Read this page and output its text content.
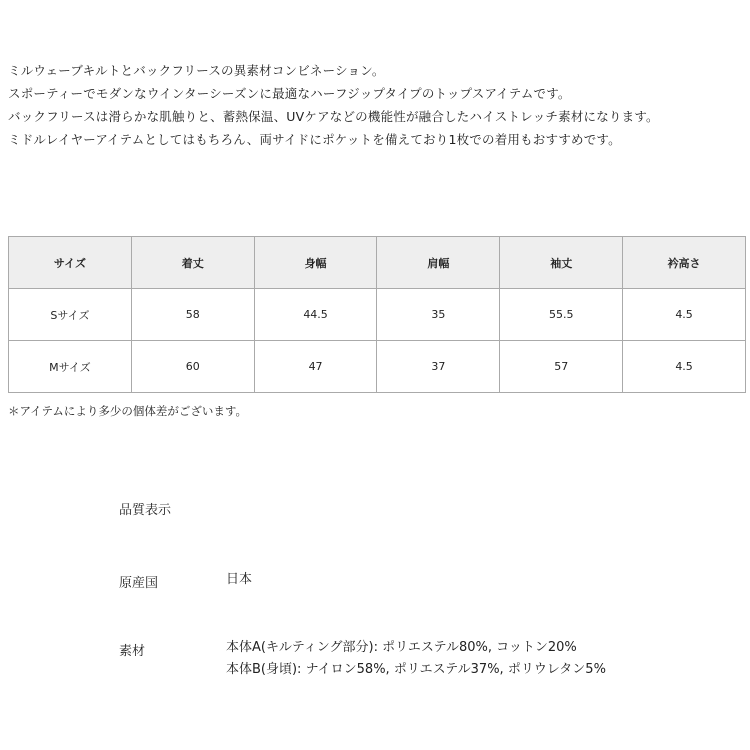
ミルウェーブキルトとバックフリースの異素材コンビネーション。
スポーティーでモダンなウインターシーズンに最適なハーフジップタイプのトップスアイテムです。
バックフリースは滑らかな肌触りと、蓄熱保温、UVケアなどの機能性が融合したハイストレッチ素材になります。
ミドルレイヤーアイテムとしてはもちろん、両サイドにポケットを備えており1枚での着用もおすすめです。
サイズ	着丈	身幅	肩幅	袖丈	衿高さ
Sサイズ	58	44.5	35	55.5	4.5
Mサイズ	60	47	37	57	4.5
＊アイテムにより多少の個体差がございます。
品質表示
原産国	日本
素材	本体A(キルティング部分): ポリエステル80%, コットン20%
本体B(身頃): ナイロン58%, ポリエステル37%, ポリウレタン5%
